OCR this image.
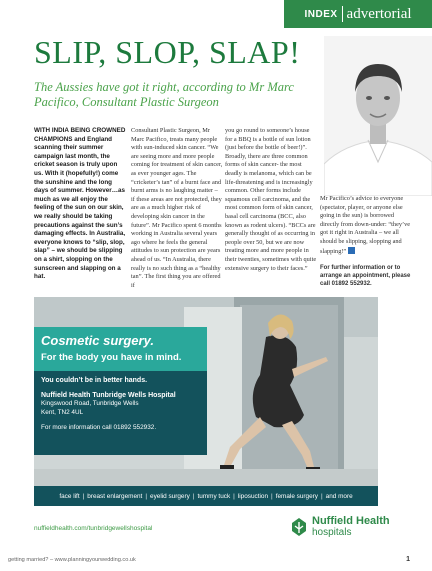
INDEX advertorial
SLIP, SLOP, SLAP!

The Aussies have got it right, according to Mr Marc Pacifico, Consultant Plastic Surgeon

WITH INDIA BEING CROWNED CHAMPIONS and England scanning their summer campaign last month, the cricket season is truly upon us. With it (hopefully!) come the sunshine and the long days of summer. However…as much as we all enjoy the feeling of the sun on our skin, we really should be taking precautions against the sun’s damaging effects. In Australia, everyone knows to “slip, slop, slap” – we should be slipping on a shirt, slopping on the sunscreen and slapping on a hat.

Consultant Plastic Surgeon, Mr Marc Pacifico, treats many people with sun-induced skin cancer. “We are seeing more and more people coming for treatment of skin cancer, as ever younger ages. The “cricketer’s tan” of a burnt face and burnt arms is no laughing matter – if these areas are not protected, they are as a much higher risk of developing skin cancer in the future”. Mr Pacifico spent 6 months working in Australia several years ago where he feels the general attitudes to sun protection are years ahead of us. “In Australia, there really is no such thing as a “healthy tan”. The first thing you are offered if

you go round to someone’s house for a BBQ is a bottle of sun lotion (just before the bottle of beer!)”. Broadly, there are three common forms of skin cancer- the most deadly is melanoma, which can be life-threatening and is increasingly common. Other forms include squamous cell carcinoma, and the most common form of skin cancer, basal cell carcinoma (BCC, also known as rodent ulcers). “BCCs are generally thought of as occurring in people over 50, but we are now treating more and more people in their twenties, sometimes with quite extensive surgery to their faces.”

Mr Pacifico’s advice to everyone (spectator, player, or anyone else going in the sun) is borrowed directly from down-under: “they’ve got it right in Australia – we all should be slipping, slopping and slapping!”

For further information or to arrange an appointment, please call 01892 552932.

Cosmetic surgery.
For the body you have in mind.
You couldn’t be in better hands.
Nuffield Health Tunbridge Wells Hospital
Kingswood Road, Tunbridge Wells
Kent, TN2 4UL
For more information call 01892 552932.
face lift | breast enlargement | eyelid surgery | tummy tuck | liposuction | female surgery | and more
nuffieldhealth.com/tunbridgewellshospital
Nuffield Health
hospitals
getting married? – www.planningyourwedding.co.uk	1
